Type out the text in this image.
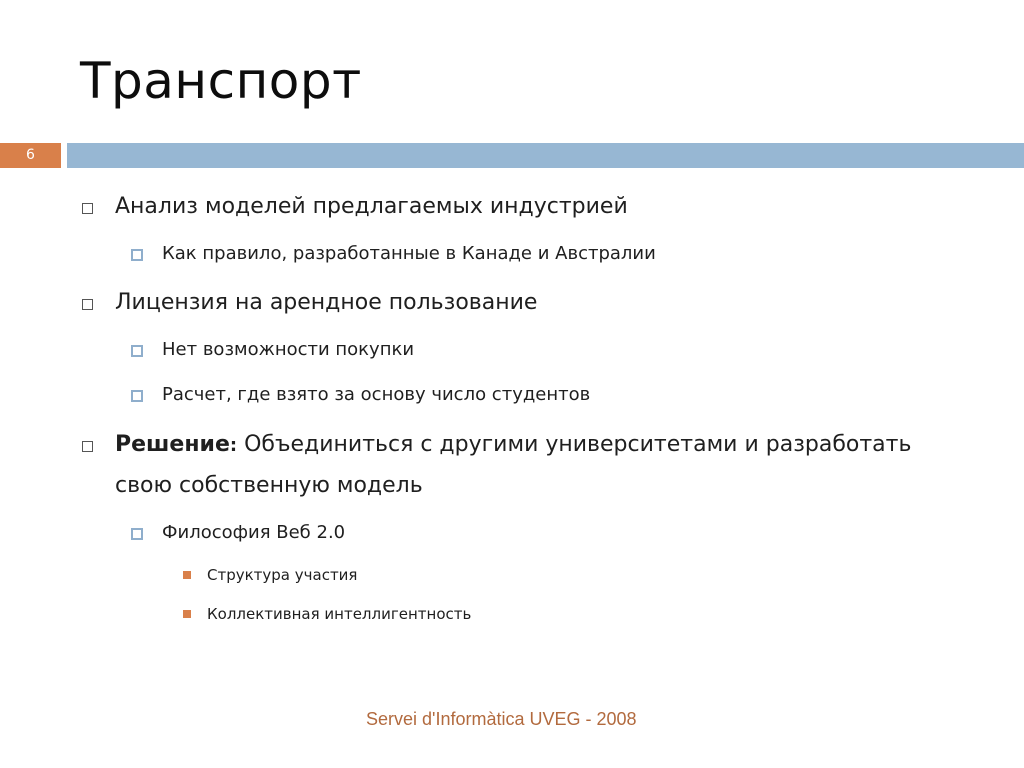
Транспорт
6
Анализ моделей предлагаемых индустрией
Как правило, разработанные в Канаде и Австралии
Лицензия на арендное пользование
Нет возможности покупки
Расчет, где взято за основу число студентов
Решение: Объединиться с другими университетами и разработать
свою собственную модель
Философия Веб 2.0
Структура участия
Коллективная интеллигентность
Servei d'Informàtica UVEG - 2008
